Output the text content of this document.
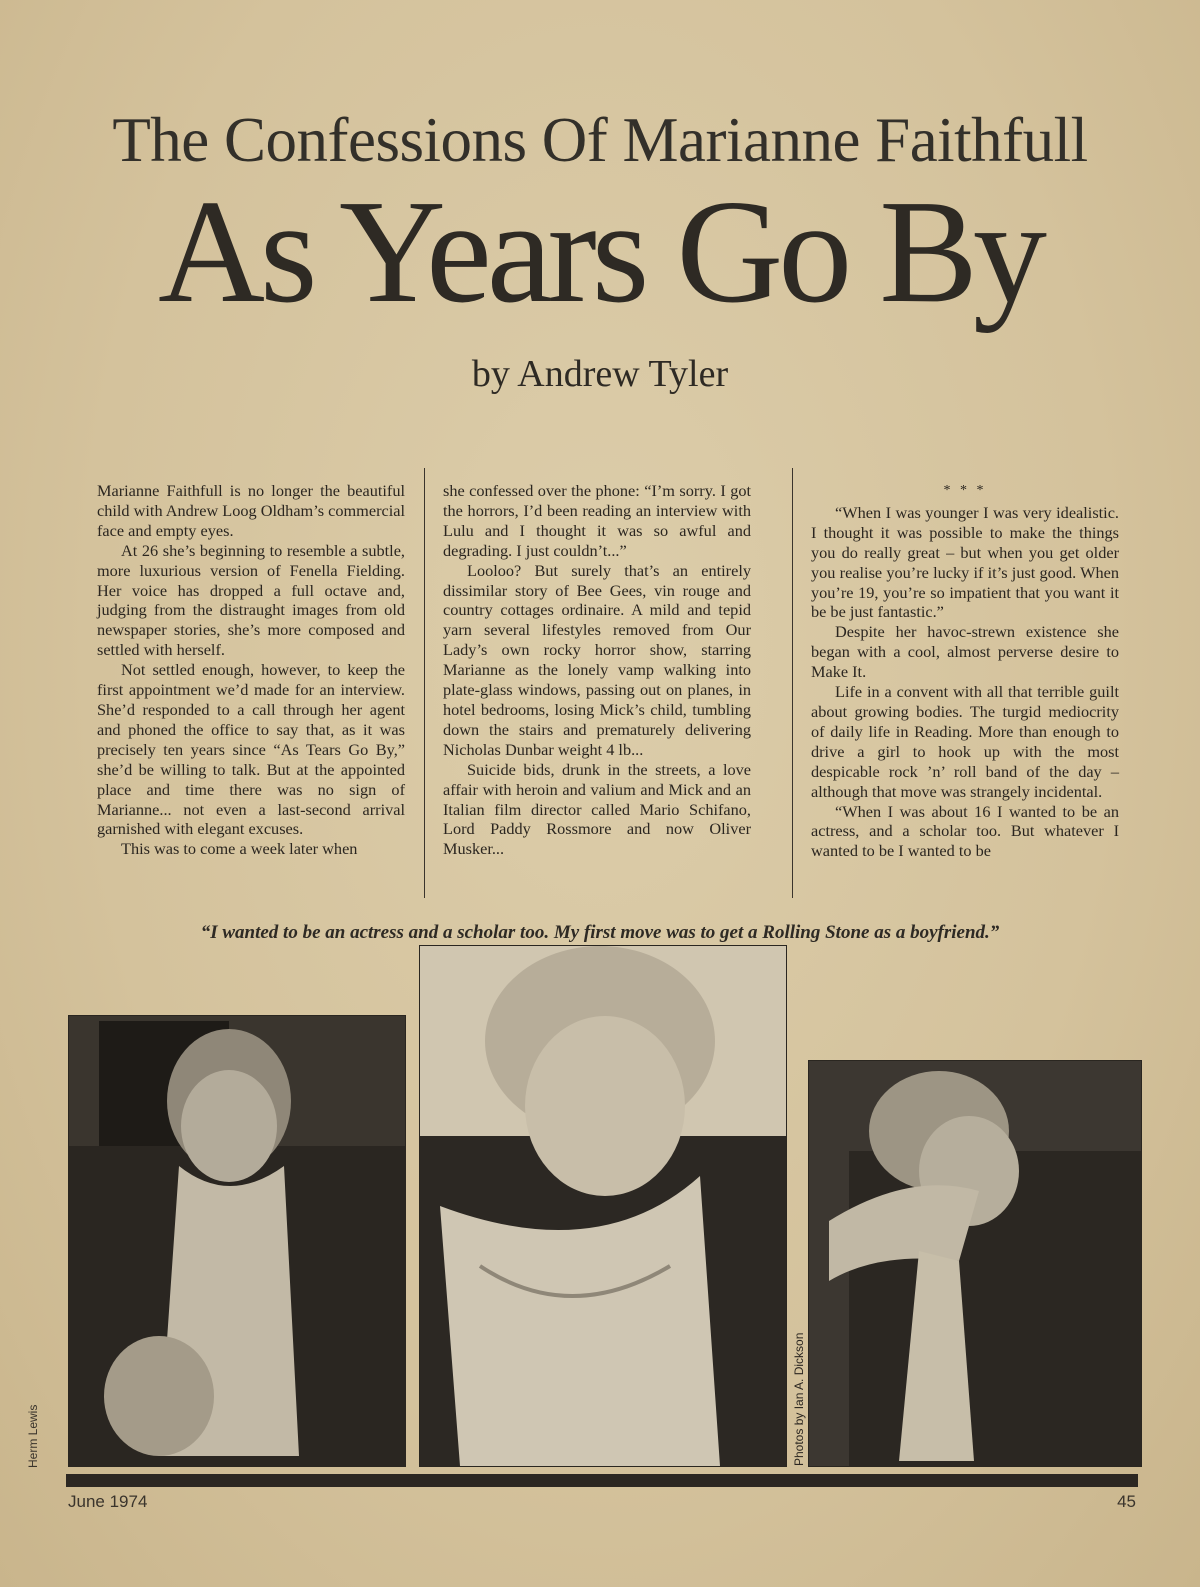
The Confessions Of Marianne Faithfull
As Years Go By
by Andrew Tyler

Marianne Faithfull is no longer the beautiful child with Andrew Loog Oldham’s commercial face and empty eyes.

At 26 she’s beginning to resemble a subtle, more luxurious version of Fenella Fielding. Her voice has dropped a full octave and, judging from the distraught images from old newspaper stories, she’s more composed and settled with herself.

Not settled enough, however, to keep the first appointment we’d made for an interview. She’d responded to a call through her agent and phoned the office to say that, as it was precisely ten years since “As Tears Go By,” she’d be willing to talk. But at the appointed place and time there was no sign of Marianne... not even a last-second arrival garnished with elegant excuses.

This was to come a week later when

she confessed over the phone: “I’m sorry. I got the horrors, I’d been reading an interview with Lulu and I thought it was so awful and degrading. I just couldn’t...”

Looloo? But surely that’s an entirely dissimilar story of Bee Gees, vin rouge and country cottages ordinaire. A mild and tepid yarn several lifestyles removed from Our Lady’s own rocky horror show, starring Marianne as the lonely vamp walking into plate-glass windows, passing out on planes, in hotel bedrooms, losing Mick’s child, tumbling down the stairs and prematurely delivering Nicholas Dunbar weight 4 lb...

Suicide bids, drunk in the streets, a love affair with heroin and valium and Mick and an Italian film director called Mario Schifano, Lord Paddy Rossmore and now Oliver Musker...

* * *

“When I was younger I was very idealistic. I thought it was possible to make the things you do really great – but when you get older you realise you’re lucky if it’s just good. When you’re 19, you’re so impatient that you want it be be just fantastic.”

Despite her havoc-strewn existence she began with a cool, almost perverse desire to Make It.

Life in a convent with all that terrible guilt about growing bodies. The turgid mediocrity of daily life in Reading. More than enough to drive a girl to hook up with the most despicable rock ’n’ roll band of the day – although that move was strangely incidental.

“When I was about 16 I wanted to be an actress, and a scholar too. But whatever I wanted to be I wanted to be

“I wanted to be an actress and a scholar too. My first move was to get a Rolling Stone as a boyfriend.”
Photos by Ian A. Dickson
Herm Lewis
June 1974	45
